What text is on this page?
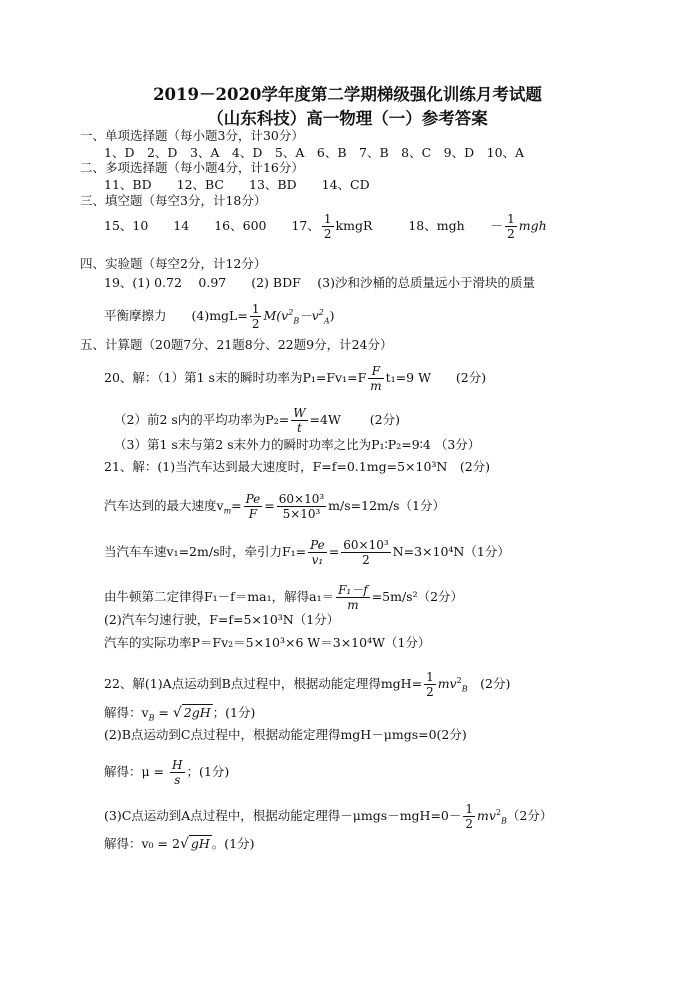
2019－2020学年度第二学期梯级强化训练月考试题
（山东科技）高一物理（一）参考答案
一、单项选择题（每小题3分，计30分）
1、D　2、D　3、A　4、D　5、A　6、B　7、B　8、C　9、D　10、A
二、多项选择题（每小题4分，计16分）
11、BD　　12、BC　　13、BD　　14、CD
三、填空题（每空3分，计18分）
15、10　　14　　16、600　　17、 $\frac{1}{2}$ kmgR	18、mgh － $\frac{1}{2}$ mgh
四、实验题（每空2分，计12分）
19、(1) 0.72　 0.97　　(2) BDF　 (3)沙和沙桶的总质量远小于滑块的质量
平衡摩擦力　　$(4)mgL= \frac{1}{2} M(v^2_B-v^2_A)$
五、计算题（20题7分、21题8分、22题9分，计24分）
20、解：（1）第1 s末的瞬时功率为$P_1=Fv_1=F \frac{F}{m} t_1=9$ W　　(2分)
（2）前2 s内的平均功率为$P_2= \frac{W}{t} =4W$　　 (2分)
（3）第1 s末与第2 s末外力的瞬时功率之比为P₁∶P₂=9∶4 （3分）
21、解：(1)当汽车达到最大速度时，F=f=0.1mg=5×10³N　(2分)
汽车达到的最大速度$v_m= \frac{Pe}{F} = \frac{\text{60×10³}}{\text{5×10³}} m/s=12m/s(1$分）
当汽车车速v₁=2m/s时，牵引力$F_1= \frac{Pe}{\text{v₁}} = \frac{\text{60×10³}}{2} N=3\times 10^4N(1$分）
由牛顿第二定律得F₁－f＝ma₁，解得$a_1= \frac{\text{F₁－f}}{m} =5m/s^2(2$分）
(2)汽车匀速行驶，F=f=5×10³N（1分）
汽车的实际功率P＝Fv₂＝5×10³×6 W＝3×10⁴W（1分）
22、解(1)A点运动到B点过程中，根据动能定理得$mgH= \frac{1}{2} mv^2_B$　(2分)
解得：$v_B$ = √ 2gH ；(1分)
(2)B点运动到C点过程中，根据动能定理得mgH－μmgs=0(2分)
解得：$\mu = \frac{H}{s}$ ；(1分)
(3)C点运动到A点过程中，根据动能定理得$-\mu mgs-mgH=0- \frac{1}{2} mv^2_B(2$分）
解得：v₀ = 2√ gH 。(1分)
